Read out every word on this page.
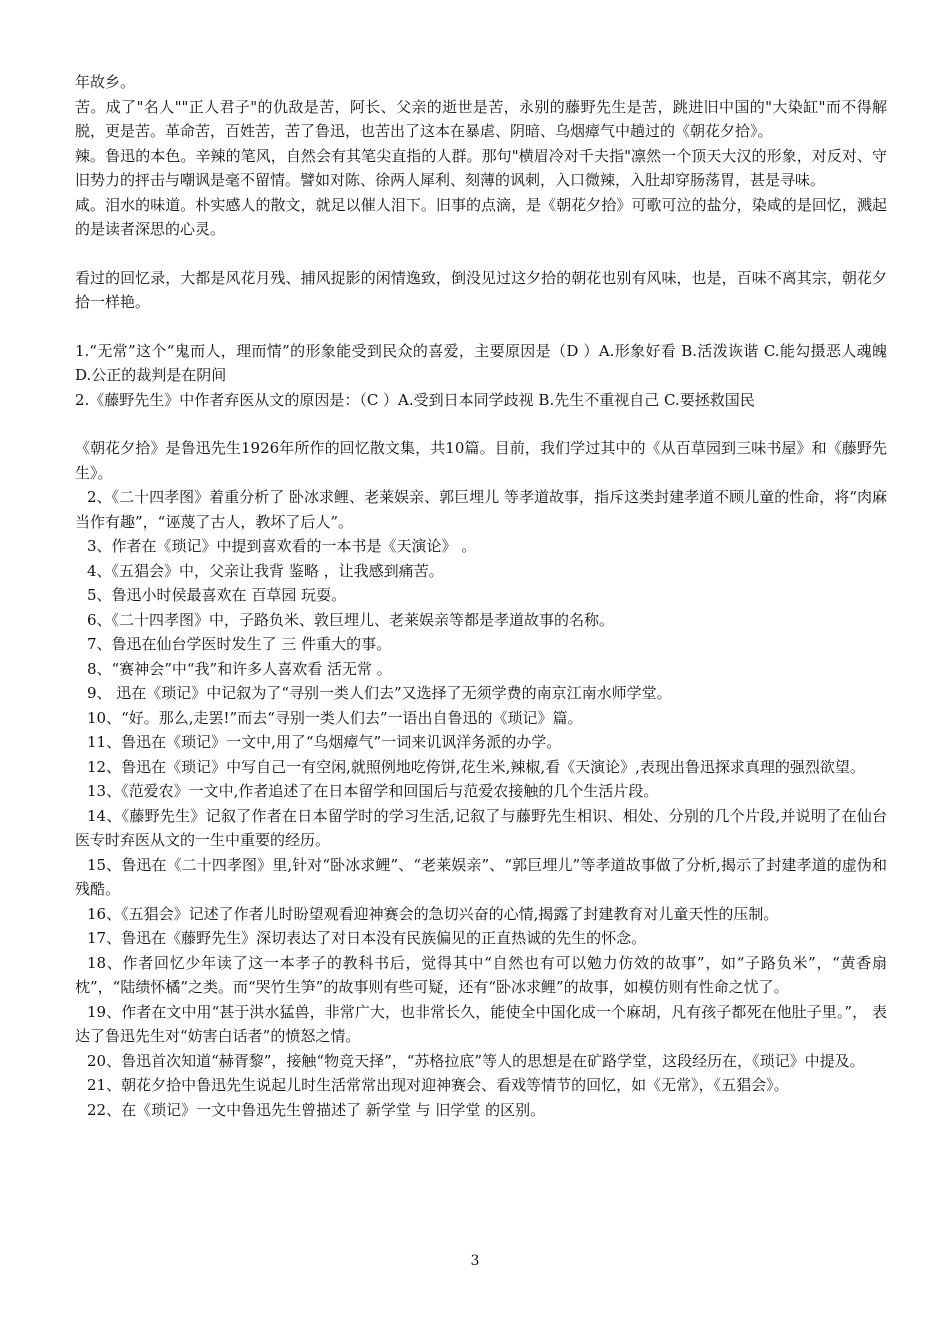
年故乡。

苦。成了"名人""正人君子"的仇敌是苦，阿长、父亲的逝世是苦，永别的藤野先生是苦，跳进旧中国的"大染缸"而不得解脱，更是苦。革命苦，百姓苦，苦了鲁迅，也苦出了这本在暴虐、阴暗、乌烟瘴气中趟过的《朝花夕拾》。

辣。鲁迅的本色。辛辣的笔风，自然会有其笔尖直指的人群。那句"横眉冷对千夫指"凛然一个顶天大汉的形象，对反对、守旧势力的抨击与嘲讽是毫不留情。譬如对陈、徐两人犀利、刻薄的讽刺，入口微辣，入肚却穿肠荡胃，甚是寻味。

咸。泪水的味道。朴实感人的散文，就足以催人泪下。旧事的点滴，是《朝花夕拾》可歌可泣的盐分，染咸的是回忆，溅起的是读者深思的心灵。

看过的回忆录，大都是风花月残、捕风捉影的闲情逸致，倒没见过这夕拾的朝花也别有风味，也是，百味不离其宗，朝花夕拾一样艳。

1.“无常”这个“鬼而人，理而情”的形象能受到民众的喜爱，主要原因是（D ）A.形象好看 B.活泼诙谐 C.能勾摄恶人魂魄 D.公正的裁判是在阴间

2.《藤野先生》中作者弃医从文的原因是：（C ）A.受到日本同学歧视 B.先生不重视自己 C.要拯救国民

《朝花夕拾》是鲁迅先生1926年所作的回忆散文集，共10篇。目前，我们学过其中的《从百草园到三味书屋》和《藤野先生》。

2、《二十四孝图》着重分析了 卧冰求鲤、老莱娱亲、郭巨埋儿 等孝道故事，指斥这类封建孝道不顾儿童的性命，将“肉麻当作有趣”，“诬蔑了古人，教坏了后人”。

3、作者在《琐记》中提到喜欢看的一本书是《天演论》 。

4、《五猖会》中，父亲让我背 鉴略 ，让我感到痛苦。

5、鲁迅小时侯最喜欢在 百草园 玩耍。

6、《二十四孝图》中，子路负米、敦巨埋儿、老莱娱亲等都是孝道故事的名称。

7、鲁迅在仙台学医时发生了 三 件重大的事。

8、“赛神会”中“我”和许多人喜欢看 活无常 。

9、 迅在《琐记》中记叙为了“寻别一类人们去”又选择了无须学费的南京江南水师学堂。

10、“好。那么,走罢!”而去“寻别一类人们去”一语出自鲁迅的《琐记》篇。

11、鲁迅在《琐记》一文中,用了“乌烟瘴气”一词来讥讽洋务派的办学。

12、鲁迅在《琐记》中写自己一有空闲,就照例地吃侉饼,花生米,辣椒,看《天演论》,表现出鲁迅探求真理的强烈欲望。

13、《范爱农》一文中,作者追述了在日本留学和回国后与范爱农接触的几个生活片段。

14、《藤野先生》记叙了作者在日本留学时的学习生活,记叙了与藤野先生相识、相处、分别的几个片段,并说明了在仙台医专时弃医从文的一生中重要的经历。

15、鲁迅在《二十四孝图》里,针对“卧冰求鲤”、“老莱娱亲”、“郭巨埋儿”等孝道故事做了分析,揭示了封建孝道的虚伪和残酷。

16、《五猖会》记述了作者儿时盼望观看迎神赛会的急切兴奋的心情,揭露了封建教育对儿童天性的压制。

17、鲁迅在《藤野先生》深切表达了对日本没有民族偏见的正直热诚的先生的怀念。

18、作者回忆少年读了这一本孝子的教科书后，觉得其中“自然也有可以勉力仿效的故事”，如“子路负米”，“黄香扇枕”，“陆绩怀橘”之类。而“哭竹生笋”的故事则有些可疑，还有“卧冰求鲤”的故事，如模仿则有性命之忧了。

19、作者在文中用“甚于洪水猛兽，非常广大，也非常长久，能使全中国化成一个麻胡，凡有孩子都死在他肚子里。”， 表达了鲁迅先生对“妨害白话者”的愤怒之情。

20、鲁迅首次知道“赫胥黎”，接触“物竞天择”，“苏格拉底”等人的思想是在矿路学堂，这段经历在，《琐记》中提及。

21、朝花夕拾中鲁迅先生说起儿时生活常常出现对迎神赛会、看戏等情节的回忆，如《无常》，《五猖会》。

22、在《琐记》一文中鲁迅先生曾描述了 新学堂 与 旧学堂 的区别。

3
